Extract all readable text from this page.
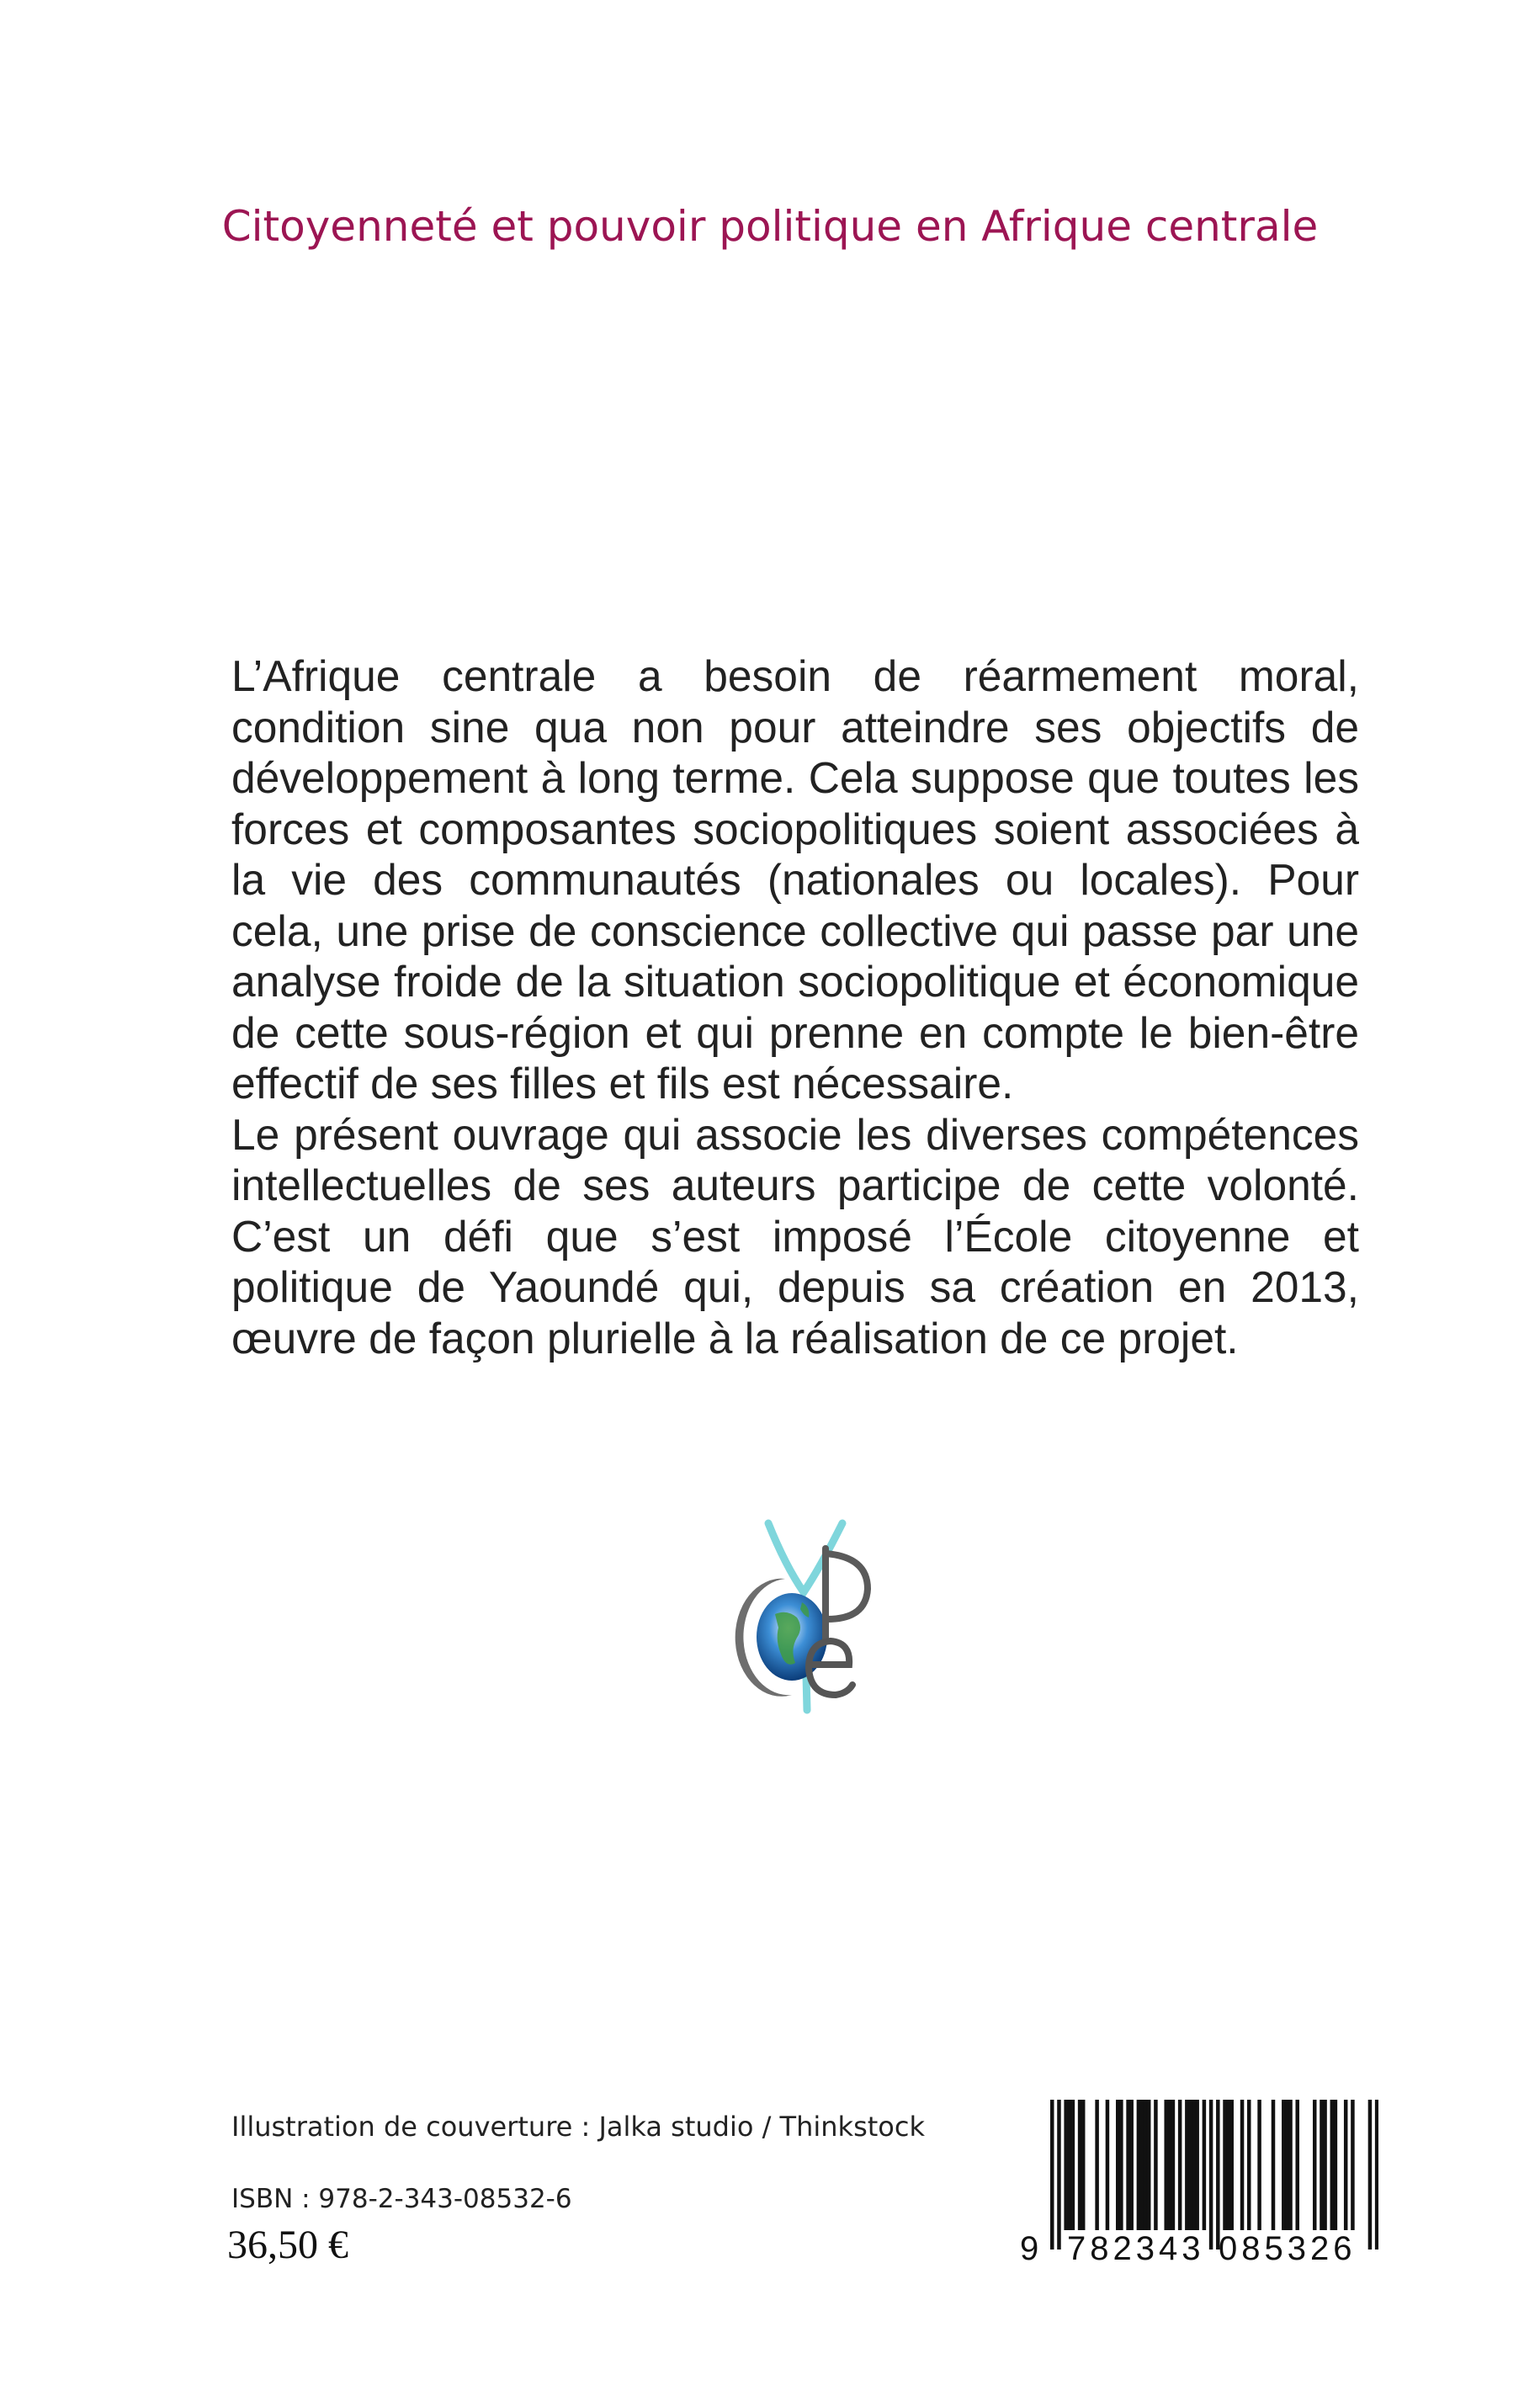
Citoyenneté et pouvoir politique en Afrique centrale

L’Afrique centrale a besoin de réarmement moral, condition sine qua non pour atteindre ses objectifs de développement à long terme. Cela suppose que toutes les forces et composantes sociopolitiques soient associées à la vie des communautés (nationales ou locales). Pour cela, une prise de conscience collective qui passe par une analyse froide de la situation sociopolitique et économique de cette sous-région et qui prenne en compte le bien-être effectif de ses filles et fils est nécessaire.

Le présent ouvrage qui associe les diverses compétences intellectuelles de ses auteurs participe de cette volonté. C’est un défi que s’est imposé l’École citoyenne et politique de Yaoundé qui, depuis sa création en 2013, œuvre de façon plurielle à la réalisation de ce projet.

Illustration de couverture : Jalka studio / Thinkstock
ISBN : 978-2-343-08532-6
36,50 €	9 782343 085326
